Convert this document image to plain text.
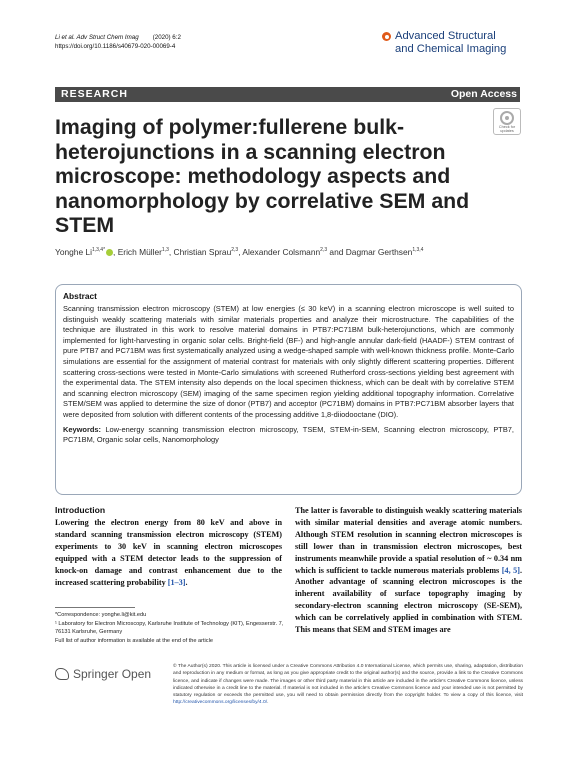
Li et al. Adv Struct Chem Imag (2020) 6:2
https://doi.org/10.1186/s40679-020-00069-4
Advanced Structural
and Chemical Imaging
RESEARCH	Open Access
Check for
updates
Imaging of polymer:fullerene bulk-heterojunctions in a scanning electron microscope: methodology aspects and nanomorphology by correlative SEM and STEM
Yonghe $Li^{1,3,4*}$ , Erich Müller$^{1,3}$, Christian Sprau$^{2,3}$, Alexander Colsmann$^{2,3}$ and Dagmar Gerthsen$^{1,3,4}$
Abstract

Scanning transmission electron microscopy (STEM) at low energies (≤ 30 keV) in a scanning electron microscope is well suited to distinguish weakly scattering materials with similar materials properties and analyze their microstructure. The capabilities of the technique are illustrated in this work to resolve material domains in PTB7:PC71BM bulk-heterojunctions, which are commonly implemented for light-harvesting in organic solar cells. Bright-field (BF-) and high-angle annular dark-field (HAADF-) STEM contrast of pure PTB7 and PC71BM was first systematically analyzed using a wedge-shaped sample with well-known thickness profile. Monte-Carlo simulations are essential for the assignment of material contrast for materials with only slightly different scattering properties. Different scattering cross-sections were tested in Monte-Carlo simulations with screened Rutherford cross-sections yielding best agreement with the experimental data. The STEM intensity also depends on the local specimen thickness, which can be dealt with by correlative STEM and scanning electron microscopy (SEM) imaging of the same specimen region yielding additional topography information. Correlative STEM/SEM was applied to determine the size of donor (PTB7) and acceptor (PC71BM) domains in PTB7:PC71BM absorber layers that were deposited from solution with different contents of the processing additive 1,8-diiodooctane (DIO).

Keywords: Low-energy scanning transmission electron microscopy, TSEM, STEM-in-SEM, Scanning electron microscopy, PTB7, PC71BM, Organic solar cells, Nanomorphology

Introduction
Lowering the electron energy from 80 keV and above in standard scanning transmission electron microscopy (STEM) experiments to 30 keV in scanning electron microscopes equipped with a STEM detector leads to the suppression of knock-on damage and contrast enhancement due to the increased scattering probability [1–3].
The latter is favorable to distinguish weakly scattering materials with similar material densities and average atomic numbers. Although STEM resolution in scanning electron microscopes is still lower than in transmission electron microscopes, best instruments meanwhile provide a spatial resolution of ~ 0.34 nm which is sufficient to tackle numerous materials problems [4, 5]. Another advantage of scanning electron microscopes is the inherent availability of surface topography imaging by secondary-electron scanning electron microscopy (SE-SEM), which can be correlatively applied in combination with STEM. This means that SEM and STEM images are
*Correspondence: yonghe.li@kit.edu
¹ Laboratory for Electron Microscopy, Karlsruhe Institute of Technology (KIT), Engesserstr. 7, 76131 Karlsruhe, Germany
Full list of author information is available at the end of the article
Springer Open
© The Author(s) 2020. This article is licensed under a Creative Commons Attribution 4.0 International License, which permits use, sharing, adaptation, distribution and reproduction in any medium or format, as long as you give appropriate credit to the original author(s) and the source, provide a link to the Creative Commons licence, and indicate if changes were made. The images or other third party material in this article are included in the article's Creative Commons licence, unless indicated otherwise in a credit line to the material. If material is not included in the article's Creative Commons licence and your intended use is not permitted by statutory regulation or exceeds the permitted use, you will need to obtain permission directly from the copyright holder. To view a copy of this licence, visit http://creativecommons.org/licenses/by/4.0/.
